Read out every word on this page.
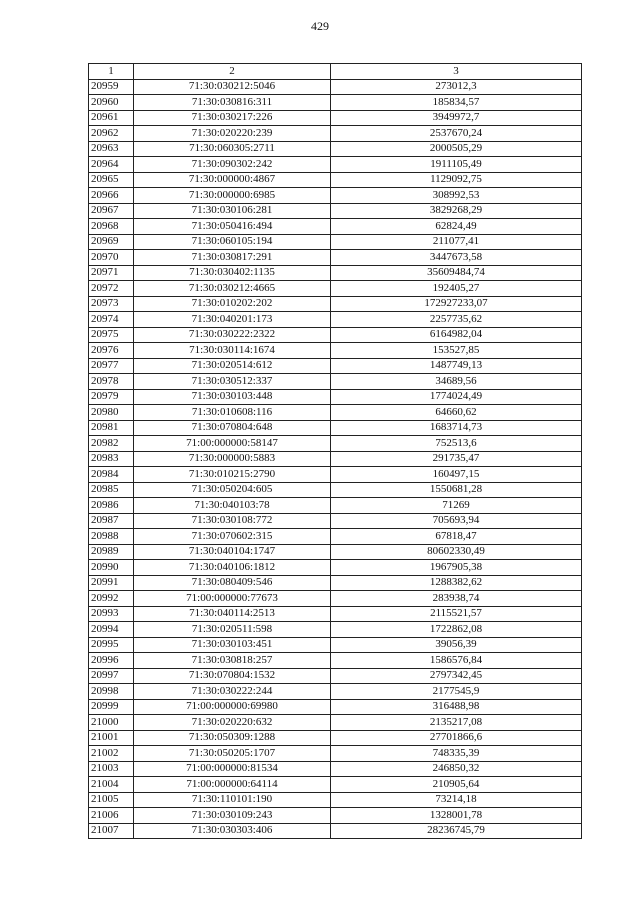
429
1	2	3
20959	71:30:030212:5046	273012,3
20960	71:30:030816:311	185834,57
20961	71:30:030217:226	3949972,7
20962	71:30:020220:239	2537670,24
20963	71:30:060305:2711	2000505,29
20964	71:30:090302:242	1911105,49
20965	71:30:000000:4867	1129092,75
20966	71:30:000000:6985	308992,53
20967	71:30:030106:281	3829268,29
20968	71:30:050416:494	62824,49
20969	71:30:060105:194	211077,41
20970	71:30:030817:291	3447673,58
20971	71:30:030402:1135	35609484,74
20972	71:30:030212:4665	192405,27
20973	71:30:010202:202	172927233,07
20974	71:30:040201:173	2257735,62
20975	71:30:030222:2322	6164982,04
20976	71:30:030114:1674	153527,85
20977	71:30:020514:612	1487749,13
20978	71:30:030512:337	34689,56
20979	71:30:030103:448	1774024,49
20980	71:30:010608:116	64660,62
20981	71:30:070804:648	1683714,73
20982	71:00:000000:58147	752513,6
20983	71:30:000000:5883	291735,47
20984	71:30:010215:2790	160497,15
20985	71:30:050204:605	1550681,28
20986	71:30:040103:78	71269
20987	71:30:030108:772	705693,94
20988	71:30:070602:315	67818,47
20989	71:30:040104:1747	80602330,49
20990	71:30:040106:1812	1967905,38
20991	71:30:080409:546	1288382,62
20992	71:00:000000:77673	283938,74
20993	71:30:040114:2513	2115521,57
20994	71:30:020511:598	1722862,08
20995	71:30:030103:451	39056,39
20996	71:30:030818:257	1586576,84
20997	71:30:070804:1532	2797342,45
20998	71:30:030222:244	2177545,9
20999	71:00:000000:69980	316488,98
21000	71:30:020220:632	2135217,08
21001	71:30:050309:1288	27701866,6
21002	71:30:050205:1707	748335,39
21003	71:00:000000:81534	246850,32
21004	71:00:000000:64114	210905,64
21005	71:30:110101:190	73214,18
21006	71:30:030109:243	1328001,78
21007	71:30:030303:406	28236745,79
